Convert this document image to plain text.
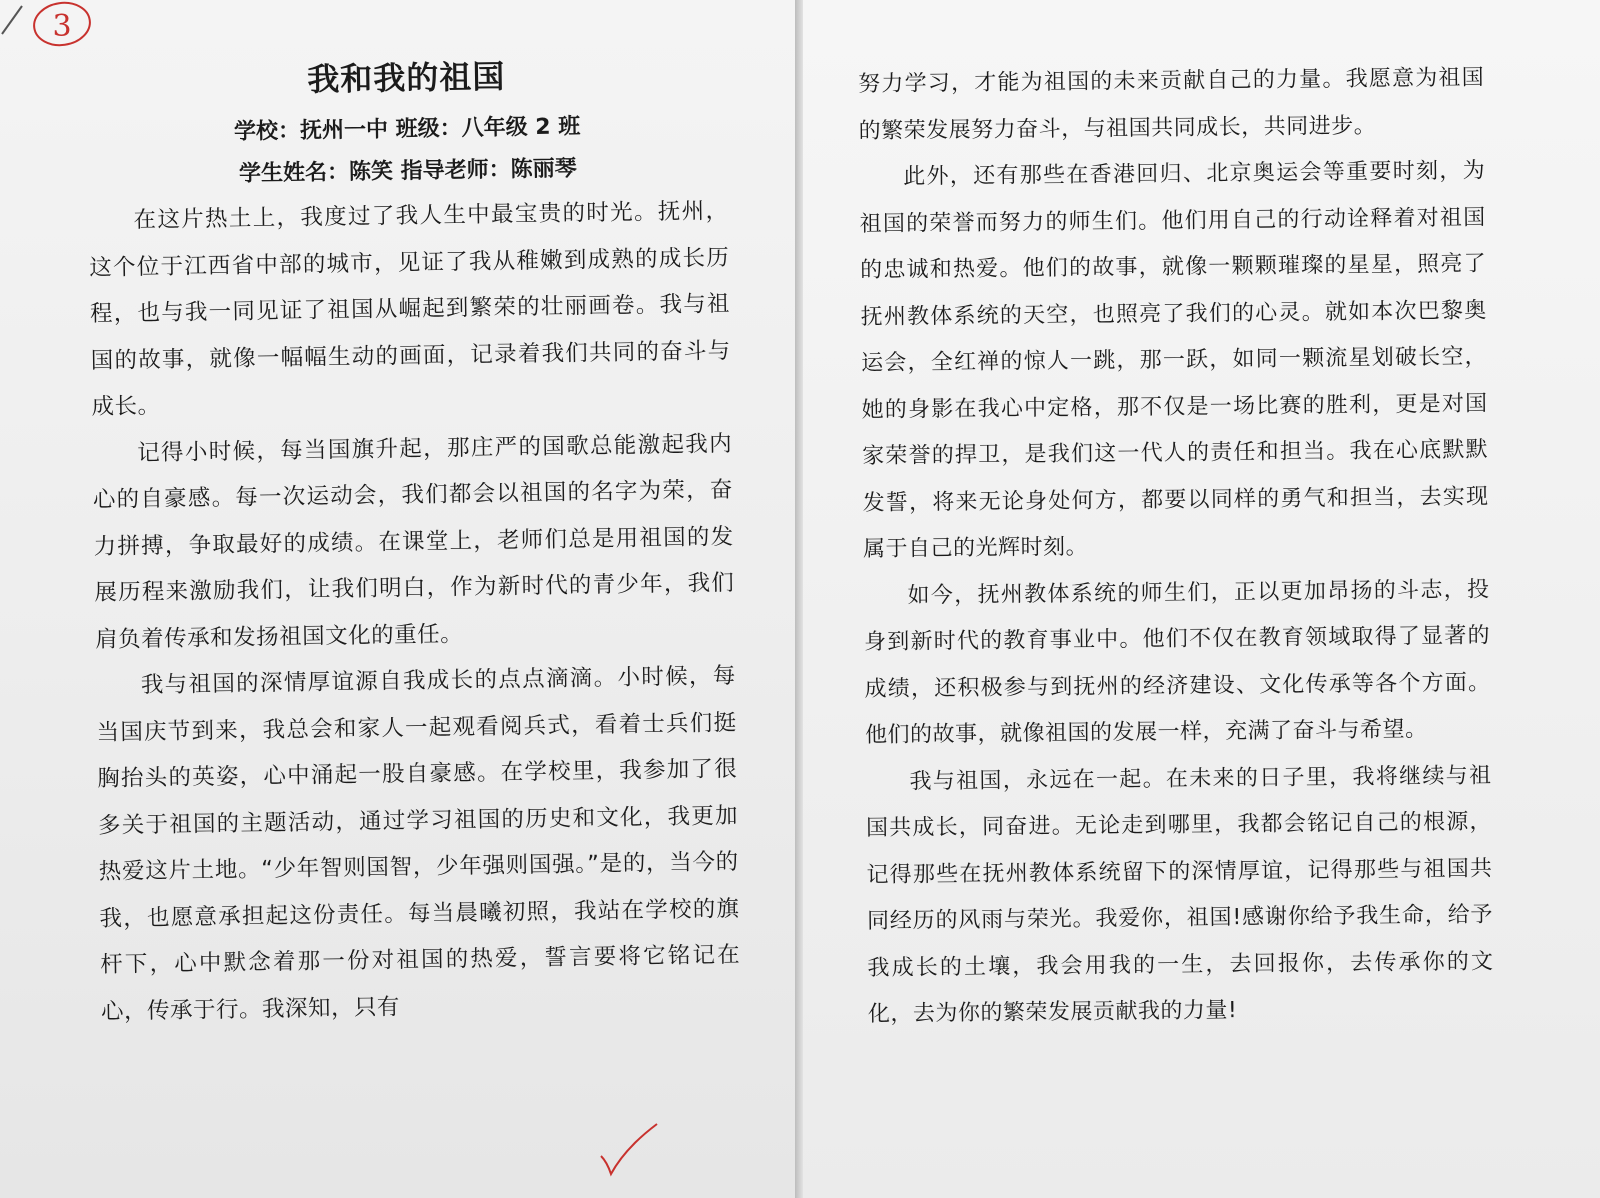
3
我和我的祖国

学校：抚州一中 班级：八年级 2 班

学生姓名：陈笑 指导老师：陈丽琴

在这片热土上，我度过了我人生中最宝贵的时光。抚州，这个位于江西省中部的城市，见证了我从稚嫩到成熟的成长历程，也与我一同见证了祖国从崛起到繁荣的壮丽画卷。我与祖国的故事，就像一幅幅生动的画面，记录着我们共同的奋斗与成长。

记得小时候，每当国旗升起，那庄严的国歌总能激起我内心的自豪感。每一次运动会，我们都会以祖国的名字为荣，奋力拼搏，争取最好的成绩。在课堂上，老师们总是用祖国的发展历程来激励我们，让我们明白，作为新时代的青少年，我们肩负着传承和发扬祖国文化的重任。

我与祖国的深情厚谊源自我成长的点点滴滴。小时候，每当国庆节到来，我总会和家人一起观看阅兵式，看着士兵们挺胸抬头的英姿，心中涌起一股自豪感。在学校里，我参加了很多关于祖国的主题活动，通过学习祖国的历史和文化，我更加热爱这片土地。“少年智则国智，少年强则国强。”是的，当今的我，也愿意承担起这份责任。每当晨曦初照，我站在学校的旗杆下，心中默念着那一份对祖国的热爱，誓言要将它铭记在心，传承于行。我深知，只有

努力学习，才能为祖国的未来贡献自己的力量。我愿意为祖国的繁荣发展努力奋斗，与祖国共同成长，共同进步。

此外，还有那些在香港回归、北京奥运会等重要时刻，为祖国的荣誉而努力的师生们。他们用自己的行动诠释着对祖国的忠诚和热爱。他们的故事，就像一颗颗璀璨的星星，照亮了抚州教体系统的天空，也照亮了我们的心灵。就如本次巴黎奥运会，全红禅的惊人一跳，那一跃，如同一颗流星划破长空，她的身影在我心中定格，那不仅是一场比赛的胜利，更是对国家荣誉的捍卫，是我们这一代人的责任和担当。我在心底默默发誓，将来无论身处何方，都要以同样的勇气和担当，去实现属于自己的光辉时刻。

如今，抚州教体系统的师生们，正以更加昂扬的斗志，投身到新时代的教育事业中。他们不仅在教育领域取得了显著的成绩，还积极参与到抚州的经济建设、文化传承等各个方面。他们的故事，就像祖国的发展一样，充满了奋斗与希望。

我与祖国，永远在一起。在未来的日子里，我将继续与祖国共成长，同奋进。无论走到哪里，我都会铭记自己的根源，记得那些在抚州教体系统留下的深情厚谊，记得那些与祖国共同经历的风雨与荣光。我爱你，祖国!感谢你给予我生命，给予我成长的土壤，我会用我的一生，去回报你，去传承你的文化，去为你的繁荣发展贡献我的力量!
